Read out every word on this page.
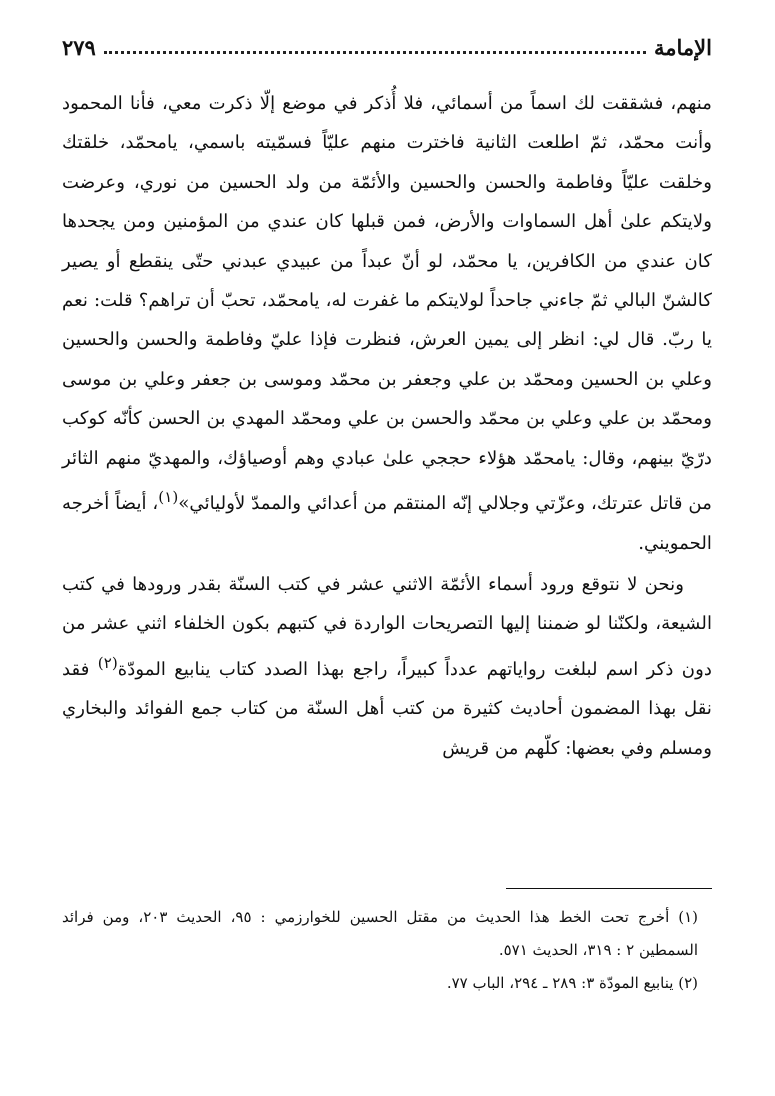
الإمامة
٢٧٩

منهم، فشققت لك اسماً من أسمائي، فلا أُذكر في موضع إلّا ذكرت معي، فأنا المحمود وأنت محمّد، ثمّ اطلعت الثانية فاخترت منهم عليّاً فسمّيته باسمي، يامحمّد، خلقتك وخلقت عليّاً وفاطمة والحسن والحسين والأئمّة من ولد الحسين من نوري، وعرضت ولايتكم علىٰ أهل السماوات والأرض، فمن قبلها كان عندي من المؤمنين ومن يجحدها كان عندي من الكافرين، يا محمّد، لو أنّ عبداً من عبيدي عبدني حتّى ينقطع أو يصير كالشنّ البالي ثمّ جاءني جاحداً لولايتكم ما غفرت له، يامحمّد، تحبّ أن تراهم؟ قلت: نعم يا ربّ. قال لي: انظر إلى يمين العرش، فنظرت فإذا عليّ وفاطمة والحسن والحسين وعلي بن الحسين ومحمّد بن علي وجعفر بن محمّد وموسى بن جعفر وعلي بن موسى ومحمّد بن علي وعلي بن محمّد والحسن بن علي ومحمّد المهدي بن الحسن كأنّه كوكب درّيّ بينهم، وقال: يامحمّد هؤلاء حججي علىٰ عبادي وهم أوصياؤك، والمهديّ منهم الثائر من قاتل عترتك، وعزّتي وجلالي إنّه المنتقم من أعدائي والممدّ لأوليائي»$^{(١)}$، أيضاً أخرجه الحمويني.

ونحن لا نتوقع ورود أسماء الأئمّة الاثني عشر في كتب السنّة بقدر ورودها في كتب الشيعة، ولكنّنا لو ضمننا إليها التصريحات الواردة في كتبهم بكون الخلفاء اثني عشر من دون ذكر اسم لبلغت رواياتهم عدداً كبيراً، راجع بهذا الصدد كتاب ينابيع المودّة$^{(٢)}$ فقد نقل بهذا المضمون أحاديث كثيرة من كتب أهل السنّة من كتاب جمع الفوائد والبخاري ومسلم وفي بعضها: كلّهم من قريش

(١) أخرج تحت الخط هذا الحديث من مقتل الحسين للخوارزمي : ٩٥، الحديث ٢٠٣، ومن فرائد السمطين ٢ : ٣١٩، الحديث ٥٧١.

(٢) ينابيع المودّة ٣: ٢٨٩ ـ ٢٩٤، الباب ٧٧.
